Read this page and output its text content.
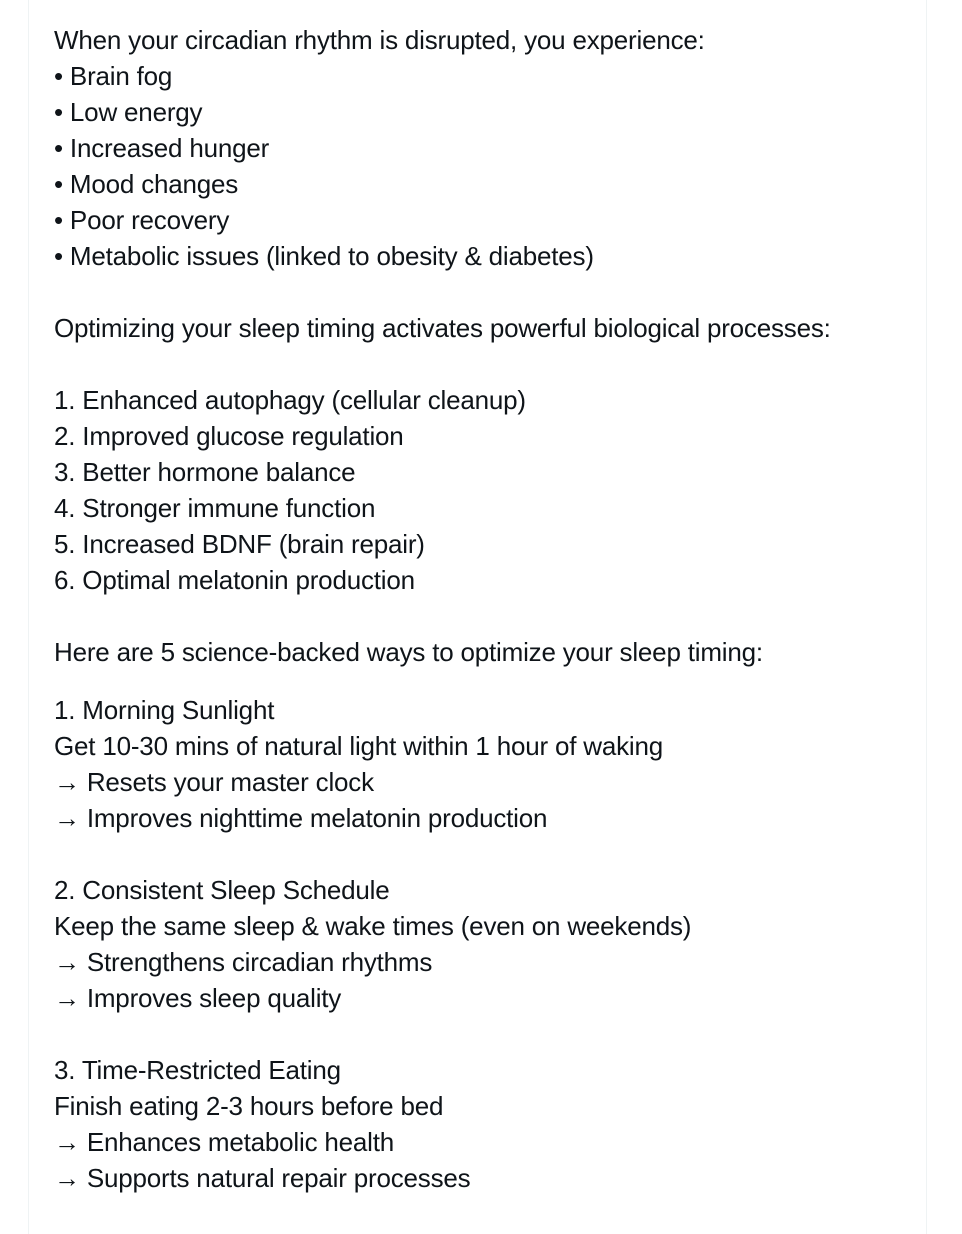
When your circadian rhythm is disrupted, you experience:
• Brain fog
• Low energy
• Increased hunger
• Mood changes
• Poor recovery
• Metabolic issues (linked to obesity & diabetes)
Optimizing your sleep timing activates powerful biological processes:
1. Enhanced autophagy (cellular cleanup)
2. Improved glucose regulation
3. Better hormone balance
4. Stronger immune function
5. Increased BDNF (brain repair)
6. Optimal melatonin production
Here are 5 science-backed ways to optimize your sleep timing:
1. Morning Sunlight
Get 10-30 mins of natural light within 1 hour of waking
→ Resets your master clock
→ Improves nighttime melatonin production
2. Consistent Sleep Schedule
Keep the same sleep & wake times (even on weekends)
→ Strengthens circadian rhythms
→ Improves sleep quality
3. Time-Restricted Eating
Finish eating 2-3 hours before bed
→ Enhances metabolic health
→ Supports natural repair processes
